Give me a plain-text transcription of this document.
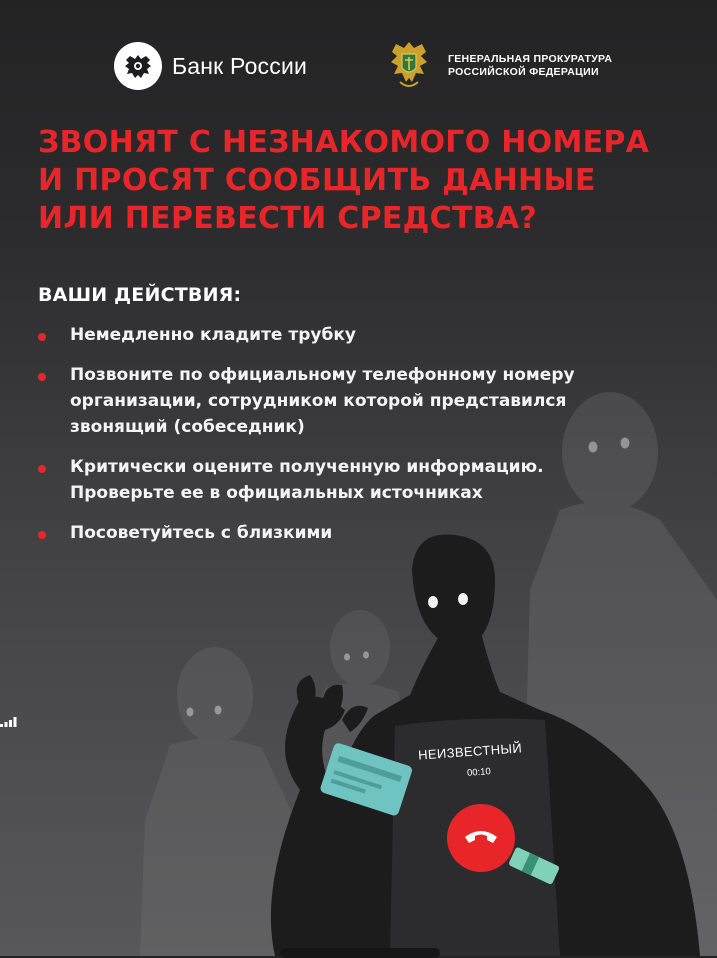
Банк России	ГЕНЕРАЛЬНАЯ ПРОКУРАТУРА
РОССИЙСКОЙ ФЕДЕРАЦИИ
ЗВОНЯТ С НЕЗНАКОМОГО НОМЕРА
И ПРОСЯТ СООБЩИТЬ ДАННЫЕ
ИЛИ ПЕРЕВЕСТИ СРЕДСТВА?
ВАШИ ДЕЙСТВИЯ:
Немедленно кладите трубку
Позвоните по официальному телефонному номеру
организации, сотрудником которой представился
звонящий (собеседник)
Критически оцените полученную информацию.
Проверьте ее в официальных источниках
Посоветуйтесь с близкими
НЕИЗВЕСТНЫЙ
00:10
